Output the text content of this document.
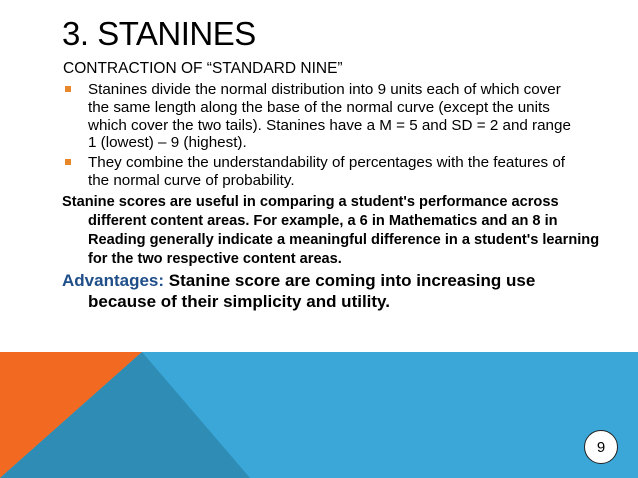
3. STANINES
CONTRACTION OF “STANDARD NINE”
Stanines divide the normal distribution into 9 units each of which cover the same length along the base of the normal curve (except the units which cover the two tails). Stanines have a M = 5 and SD = 2 and range 1 (lowest) – 9 (highest).
They combine the understandability of percentages with the features of the normal curve of probability.
Stanine scores are useful in comparing a student's performance across different content areas. For example, a 6 in Mathematics and an 8 in Reading generally indicate a meaningful difference in a student's learning for the two respective content areas.
Advantages: Stanine score are coming into increasing use because of their simplicity and utility.
9
